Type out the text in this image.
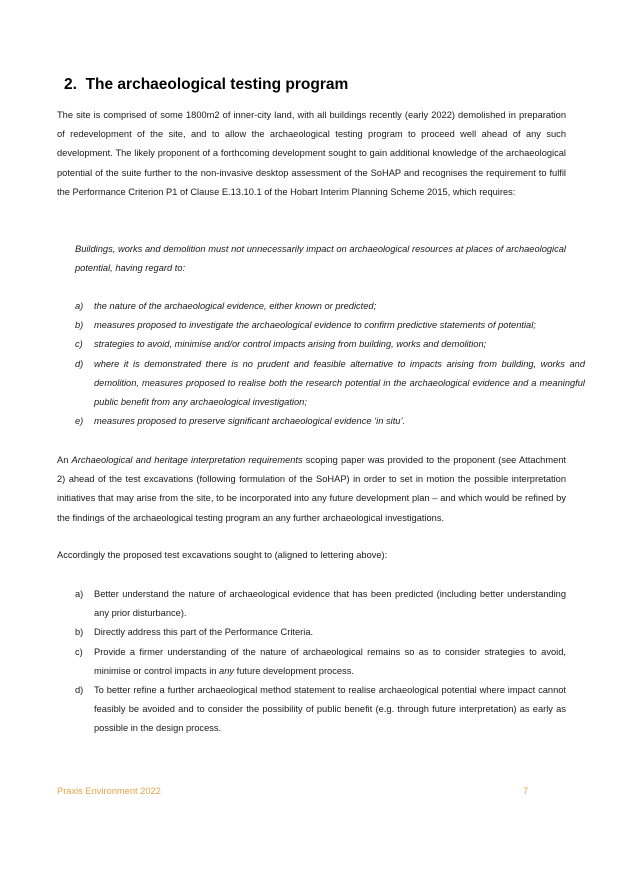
2. The archaeological testing program

The site is comprised of some 1800m2 of inner-city land, with all buildings recently (early 2022) demolished in preparation of redevelopment of the site, and to allow the archaeological testing program to proceed well ahead of any such development. The likely proponent of a forthcoming development sought to gain additional knowledge of the archaeological potential of the suite further to the non-invasive desktop assessment of the SoHAP and recognises the requirement to fulfil the Performance Criterion P1 of Clause E.13.10.1 of the Hobart Interim Planning Scheme 2015, which requires:

Buildings, works and demolition must not unnecessarily impact on archaeological resources at places of archaeological potential, having regard to:

a) the nature of the archaeological evidence, either known or predicted;
b) measures proposed to investigate the archaeological evidence to confirm predictive statements of potential;
c) strategies to avoid, minimise and/or control impacts arising from building, works and demolition;
d) where it is demonstrated there is no prudent and feasible alternative to impacts arising from building, works and demolition, measures proposed to realise both the research potential in the archaeological evidence and a meaningful public benefit from any archaeological investigation;
e) measures proposed to preserve significant archaeological evidence ‘in situ’.

An Archaeological and heritage interpretation requirements scoping paper was provided to the proponent (see Attachment 2) ahead of the test excavations (following formulation of the SoHAP) in order to set in motion the possible interpretation initiatives that may arise from the site, to be incorporated into any future development plan – and which would be refined by the findings of the archaeological testing program an any further archaeological investigations.

Accordingly the proposed test excavations sought to (aligned to lettering above):

a) Better understand the nature of archaeological evidence that has been predicted (including better understanding any prior disturbance).
b) Directly address this part of the Performance Criteria.
c) Provide a firmer understanding of the nature of archaeological remains so as to consider strategies to avoid, minimise or control impacts in any future development process.
d) To better refine a further archaeological method statement to realise archaeological potential where impact cannot feasibly be avoided and to consider the possibility of public benefit (e.g. through future interpretation) as early as possible in the design process.
Praxis Environment 2022	7
